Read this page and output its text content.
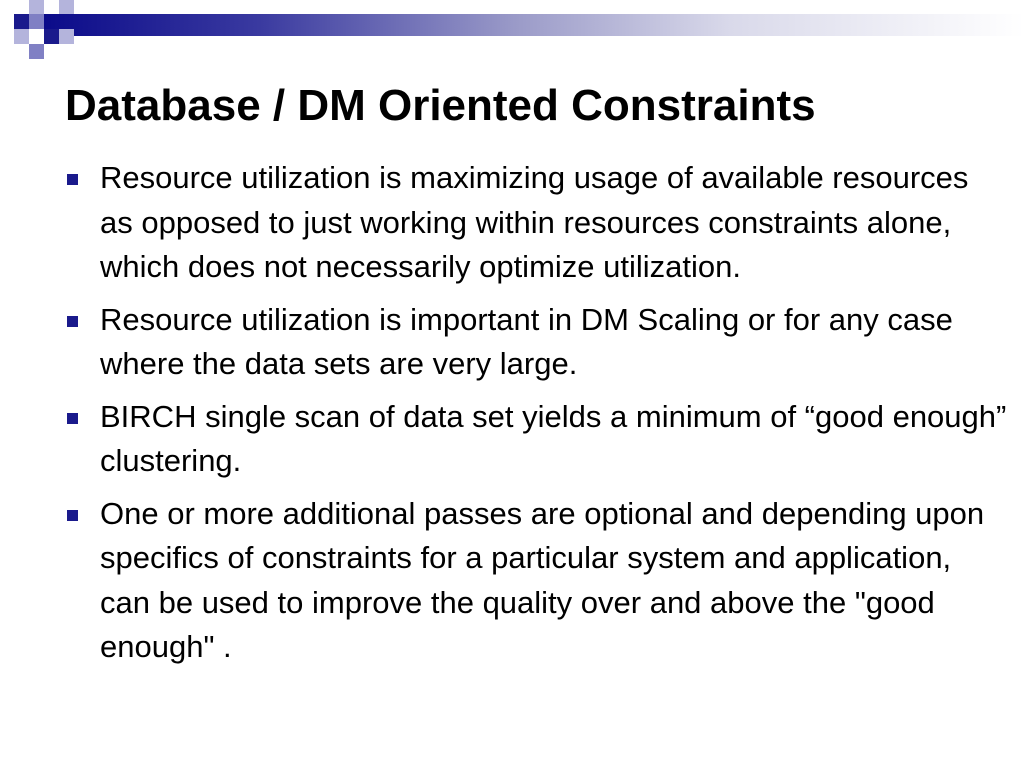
Database / DM Oriented Constraints
Resource utilization is maximizing usage of available resources as opposed to just working within resources constraints alone, which does not necessarily optimize utilization.
Resource utilization is important in DM Scaling or for any case where the data sets are very large.
BIRCH single scan of data set yields a minimum of “good enough” clustering.
One or more additional passes are optional and depending upon specifics of constraints for a particular system and application, can be used to improve the quality over and above the "good enough" .
